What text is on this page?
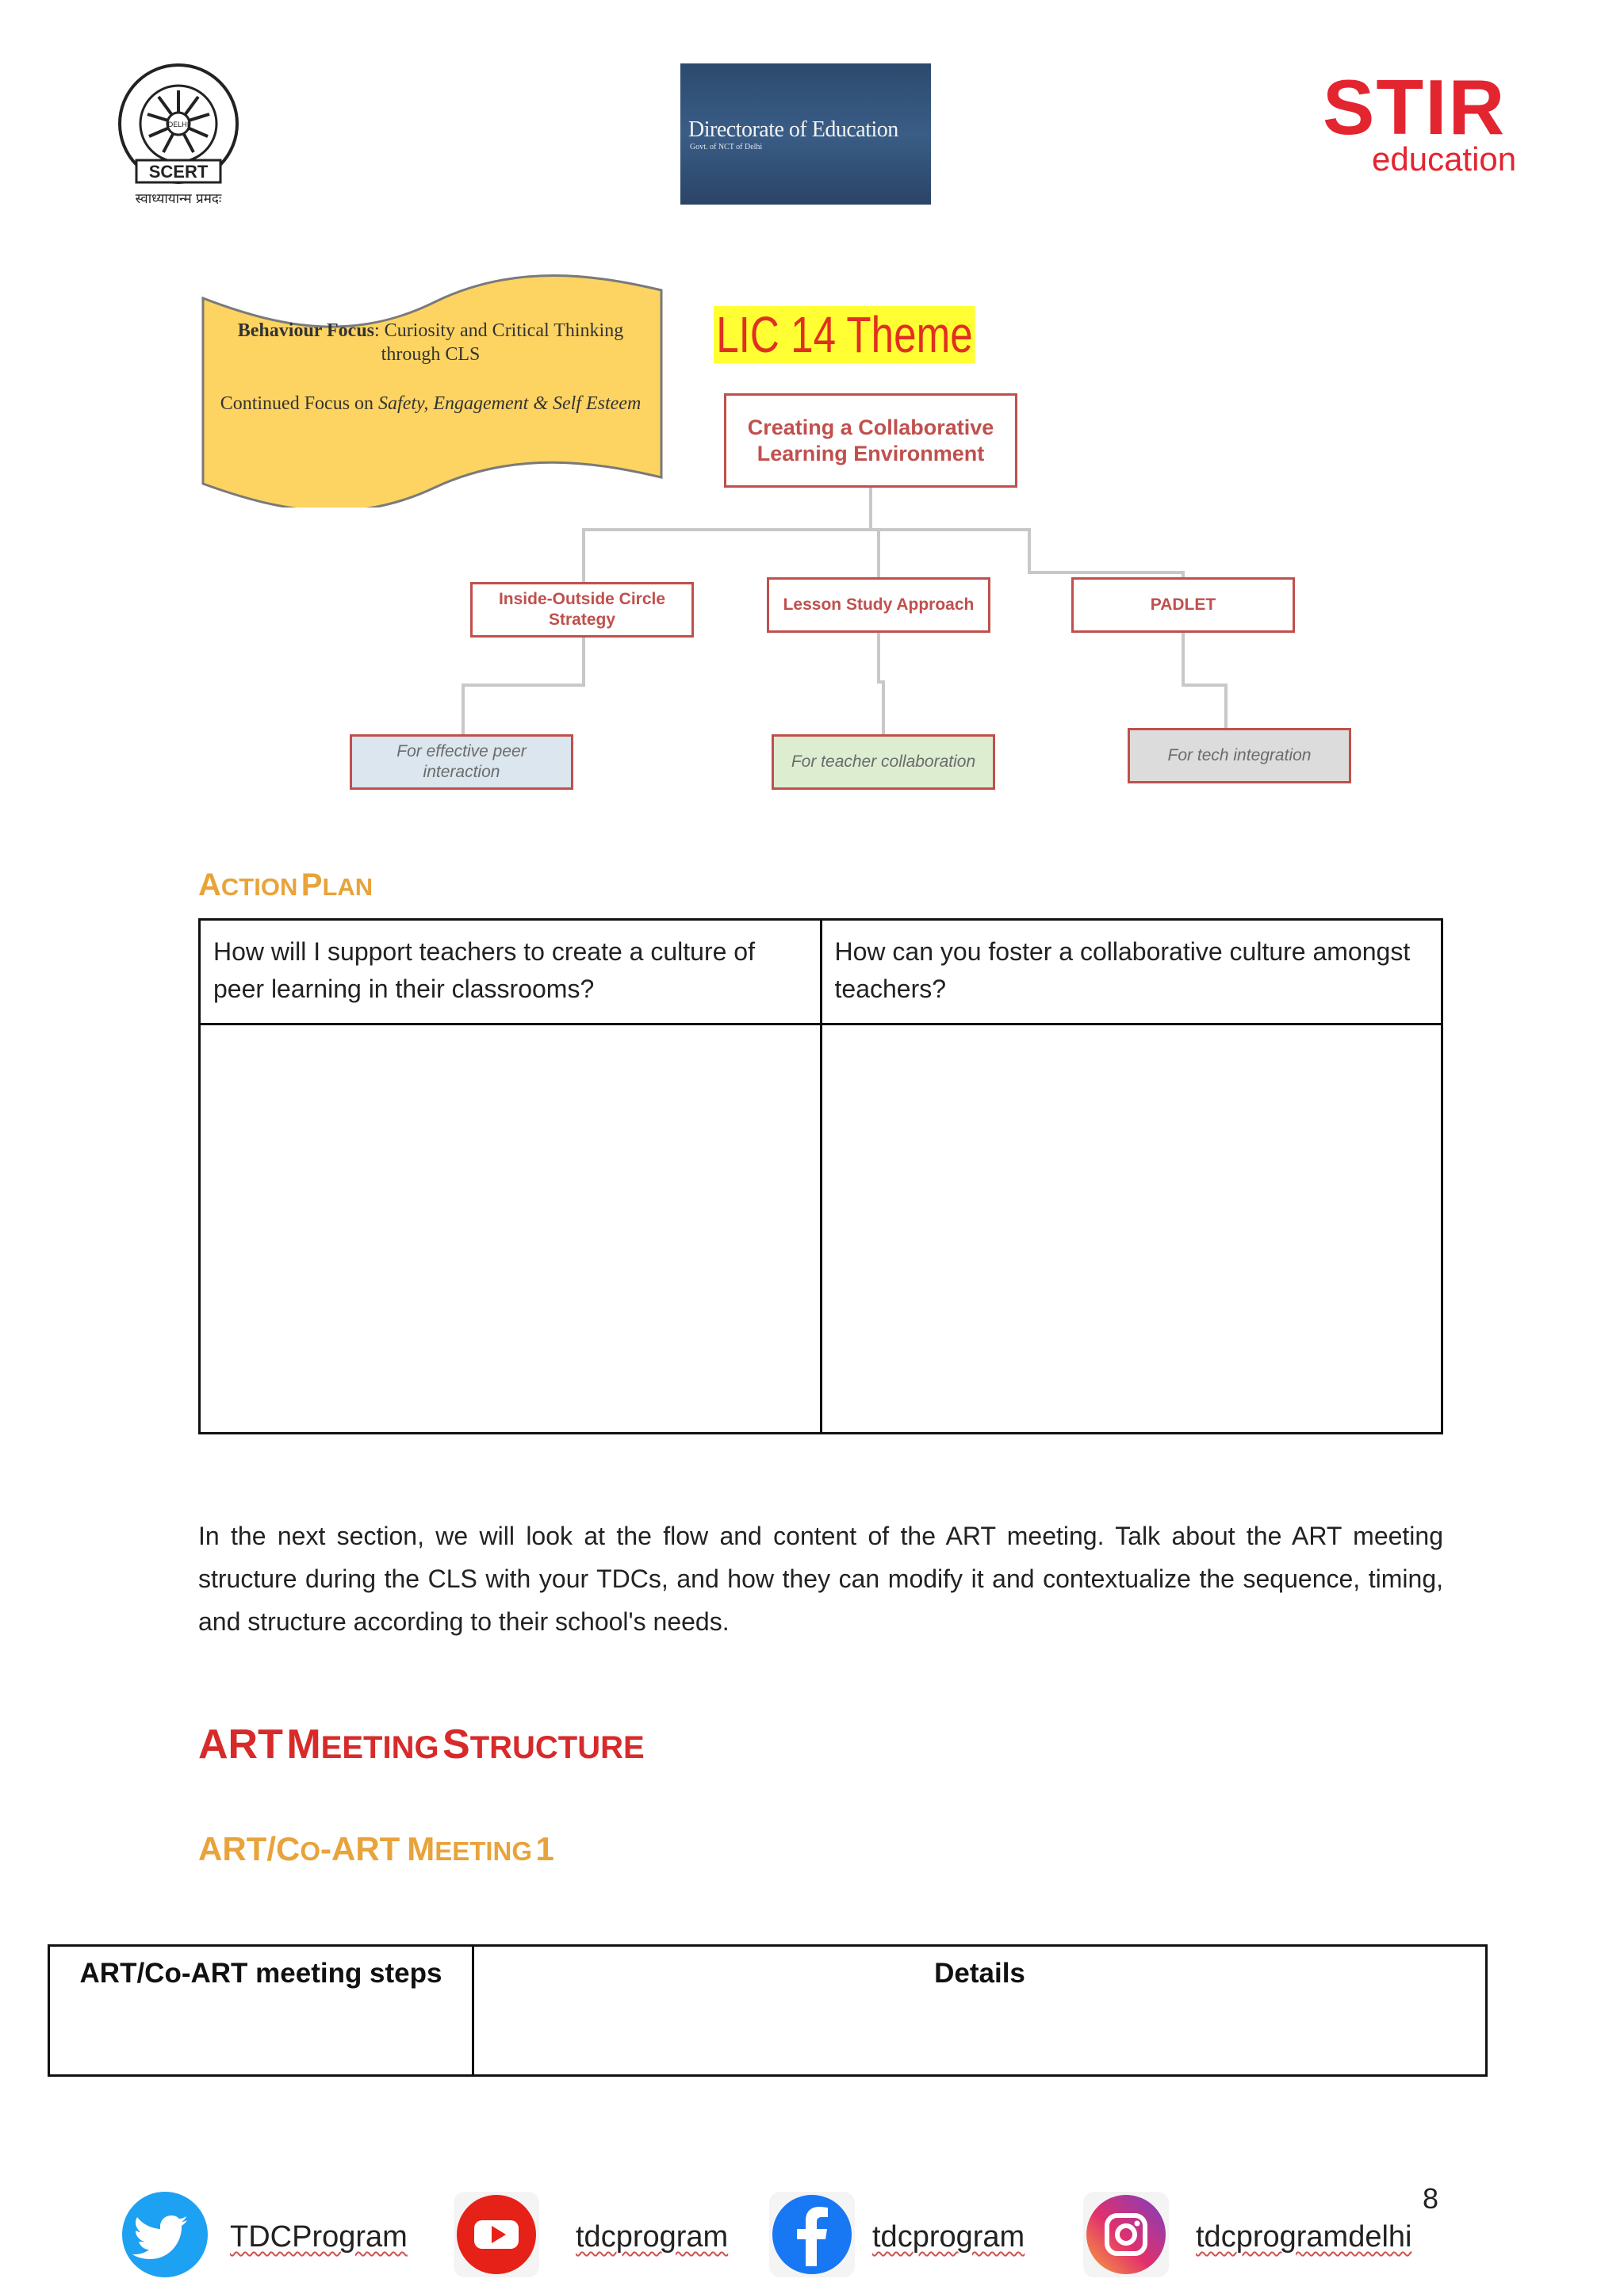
DELHI
SCERT
स्वाध्यायान्म प्रमदः
Directorate of Education
Govt. of NCT of Delhi	STIR
education
Behaviour Focus: Curiosity and Critical Thinking through CLS
Continued Focus on Safety, Engagement & Self Esteem
LIC 14 Theme
Creating a Collaborative Learning Environment
Inside-Outside Circle Strategy
Lesson Study Approach	PADLET
For effective peer interaction
For teacher collaboration	For tech integration
ACTION PLAN
How will I support teachers to create a culture of peer learning in their classrooms?	How can you foster a collaborative culture amongst teachers?

In the next section, we will look at the flow and content of the ART meeting. Talk about the ART meeting structure during the CLS with your TDCs, and how they can modify it and contextualize the sequence, timing, and structure according to their school's needs.
ART MEETING STRUCTURE
ART/CO-ART MEETING 1
ART/Co-ART meeting steps	Details
8
TDCProgram	tdcprogram	tdcprogram	tdcprogramdelhi
